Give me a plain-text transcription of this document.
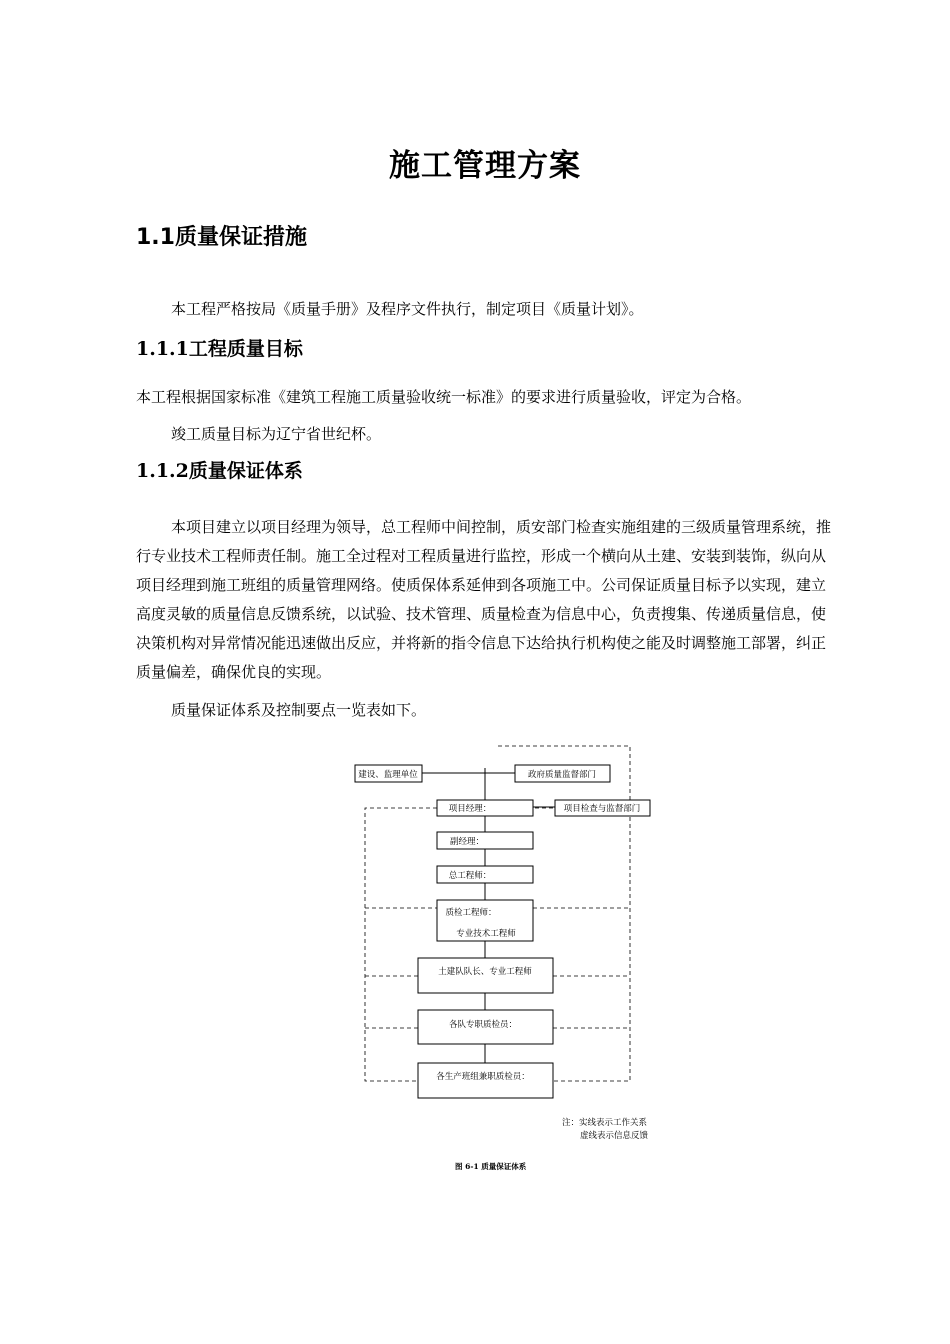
施工管理方案
1.1质量保证措施
本工程严格按局《质量手册》及程序文件执行，制定项目《质量计划》。
1.1.1工程质量目标
本工程根据国家标准《建筑工程施工质量验收统一标准》的要求进行质量验收，评定为合格。
竣工质量目标为辽宁省世纪杯。
1.1.2质量保证体系
本项目建立以项目经理为领导，总工程师中间控制，质安部门检查实施组建的三级质量管理系统，推行专业技术工程师责任制。施工全过程对工程质量进行监控，形成一个横向从土建、安装到装饰，纵向从项目经理到施工班组的质量管理网络。使质保体系延伸到各项施工中。公司保证质量目标予以实现，建立高度灵敏的质量信息反馈系统，以试验、技术管理、质量检查为信息中心，负责搜集、传递质量信息，使决策机构对异常情况能迅速做出反应，并将新的指令信息下达给执行机构使之能及时调整施工部署，纠正质量偏差，确保优良的实现。
质量保证体系及控制要点一览表如下。
建设、监理单位	政府质量监督部门
项目经理：	项目检查与监督部门
副经理：
总工程师：
质检工程师：
专业技术工程师
土建队队长、专业工程师
各队专职质检员：
各生产班组兼职质检员：
注：实线表示工作关系
虚线表示信息反馈
图 6-1 质量保证体系
